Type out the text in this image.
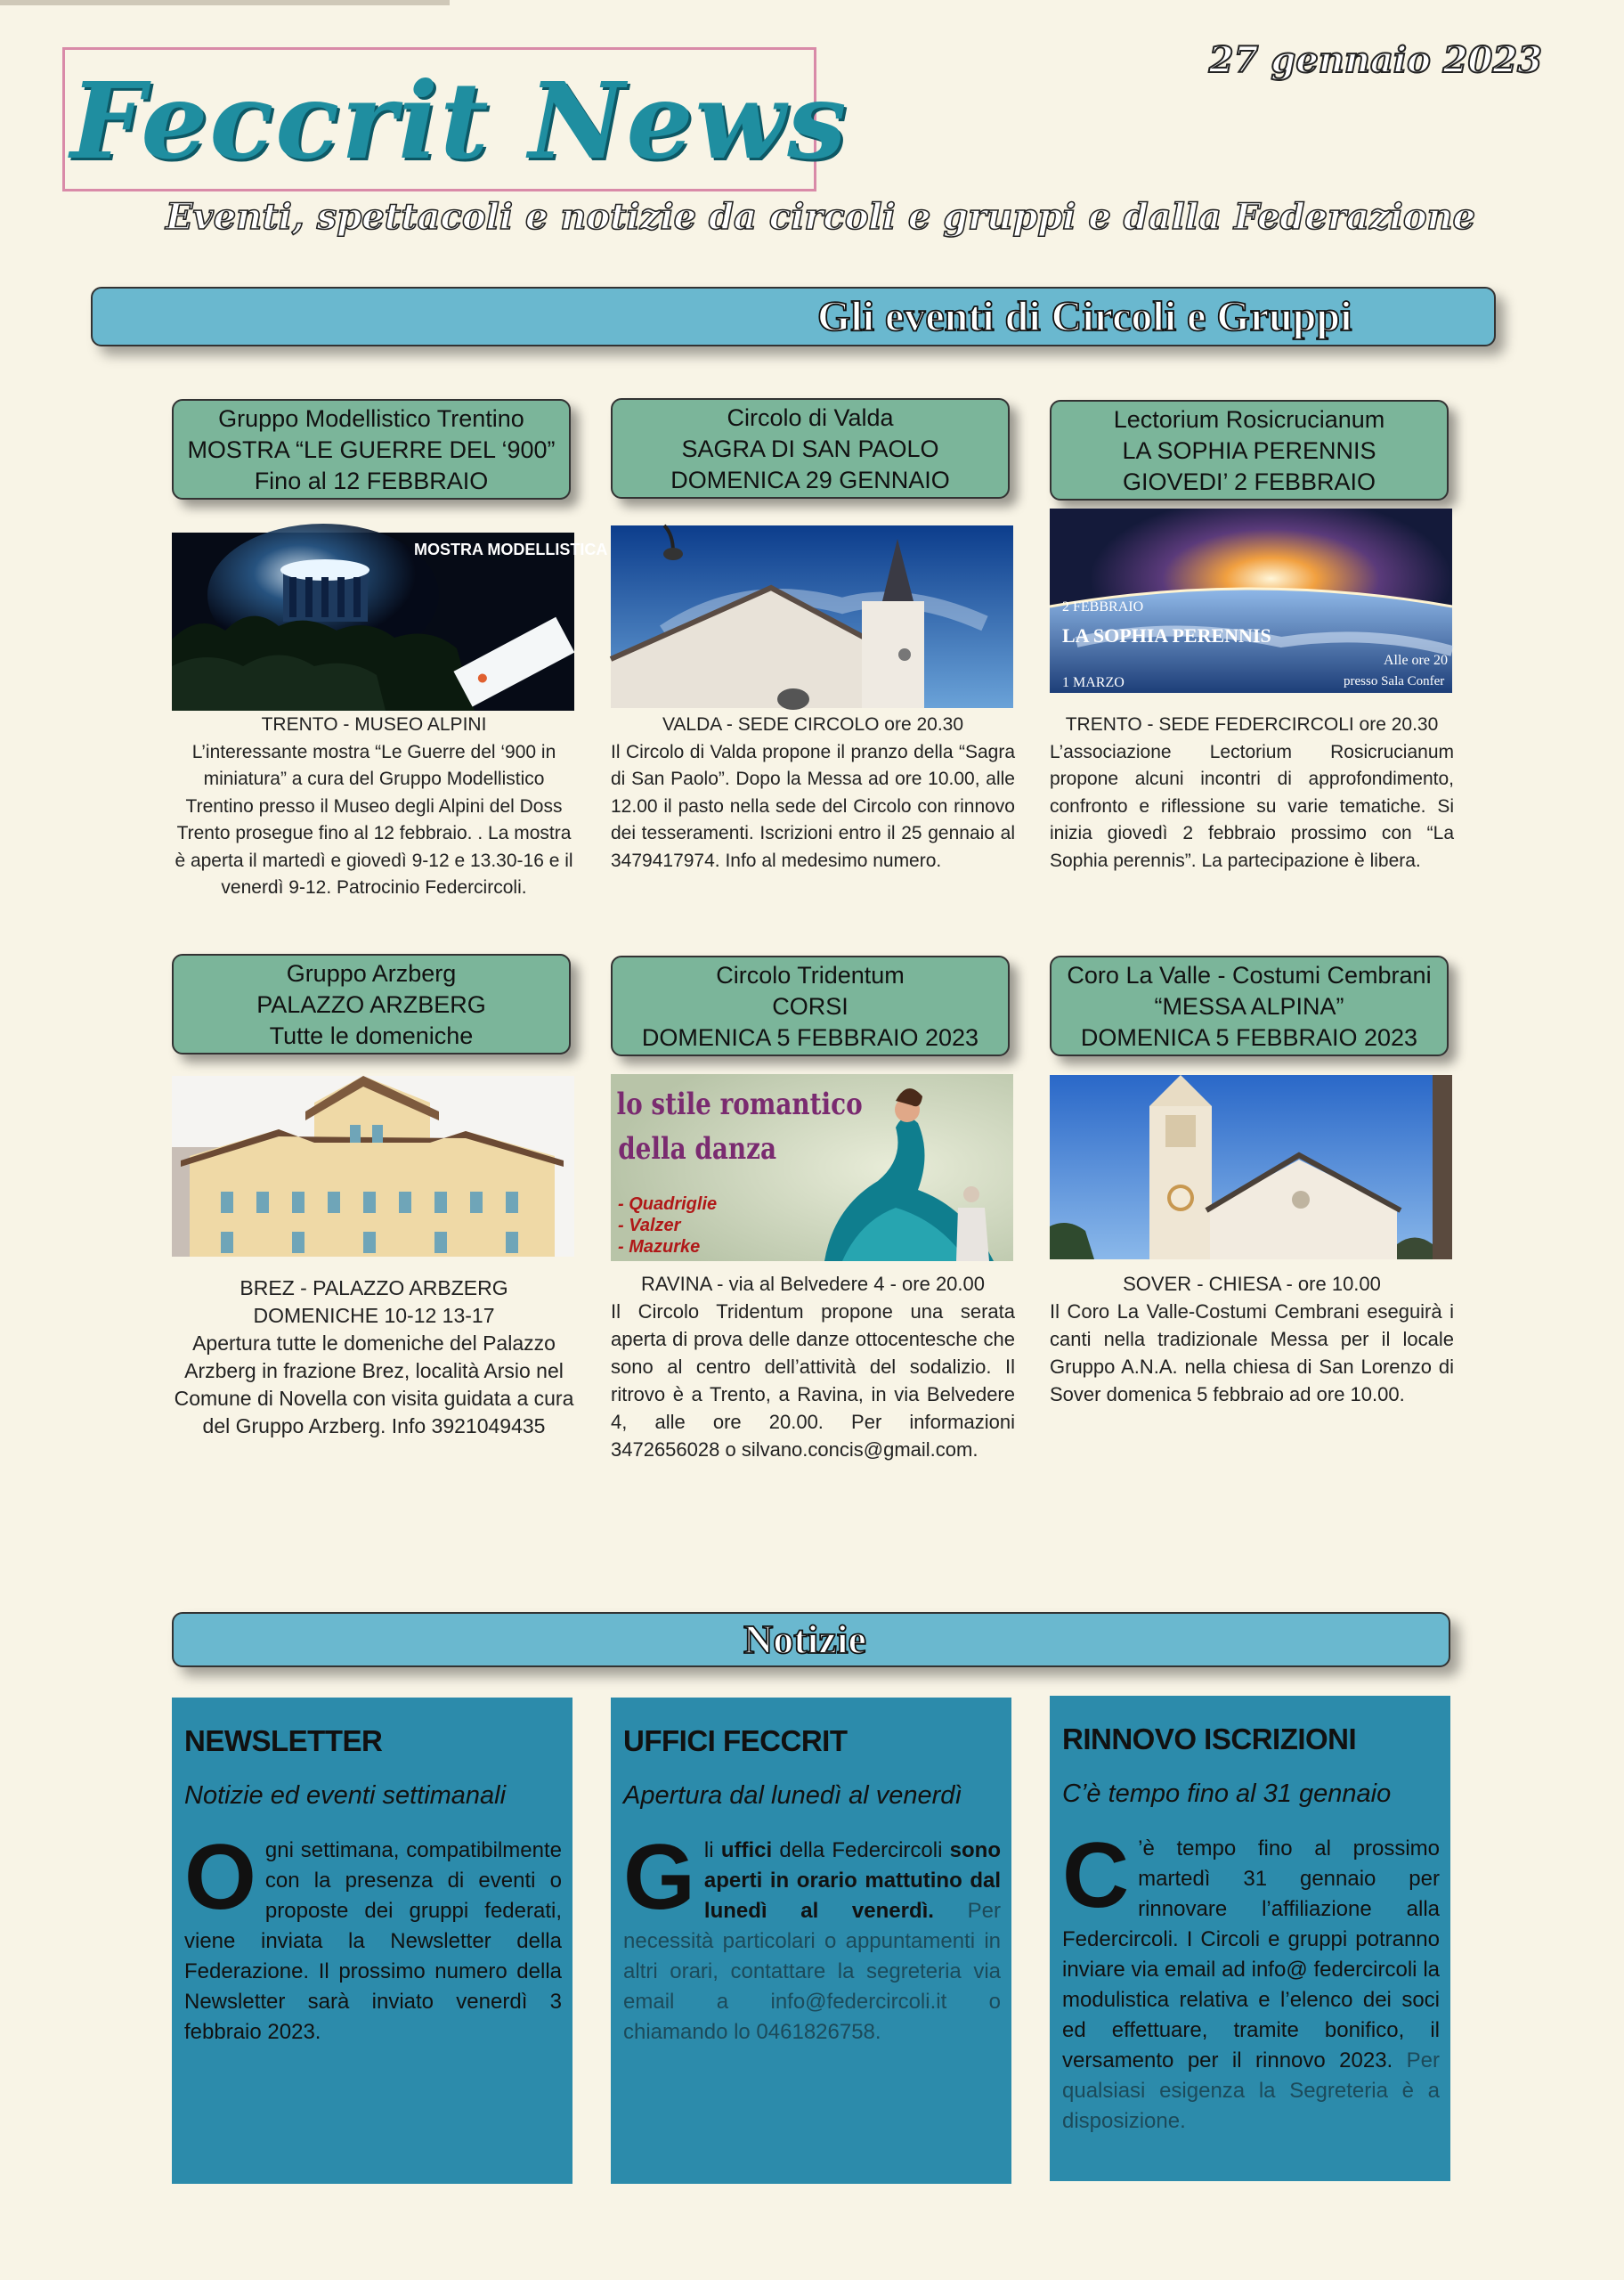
Feccrit News	27 gennaio 2023
Eventi, spettacoli e notizie da circoli e gruppi e dalla Federazione
Gli eventi di Circoli e Gruppi
Gruppo Modellistico Trentino
MOSTRA “LE GUERRE DEL ‘900”
Fino al 12 FEBBRAIO
MOSTRA MODELLISTICA
TRENTO - MUSEO ALPINI
L’interessante mostra “Le Guerre del ‘900 in miniatura” a cura del Gruppo Modellistico Trentino presso il Museo degli Alpini del Doss Trento prosegue fino al 12 febbraio. . La mostra è aperta il martedì e giovedì 9-12 e 13.30-16 e il venerdì 9-12. Patrocinio Federcircoli.
Circolo di Valda
SAGRA DI SAN PAOLO
DOMENICA 29 GENNAIO
VALDA - SEDE CIRCOLO ore 20.30
Il Circolo di Valda propone il pranzo della “Sagra di San Paolo”. Dopo la Messa ad ore 10.00, alle 12.00 il pasto nella sede del Circolo con rinnovo dei tesseramenti. Iscrizioni entro il 25 gennaio al 3479417974. Info al medesimo numero.
Lectorium Rosicrucianum
LA SOPHIA PERENNIS
GIOVEDI’ 2 FEBBRAIO
2 FEBBRAIO
LA SOPHIA PERENNIS
1 MARZO
Alle ore 20
presso Sala Confer
TRENTO - SEDE FEDERCIRCOLI ore 20.30
L’associazione Lectorium Rosicrucianum propone alcuni incontri di approfondimento, confronto e riflessione su varie tematiche. Si inizia giovedì 2 febbraio prossimo con “La Sophia perennis”. La partecipazione è libera.
Gruppo Arzberg
PALAZZO ARZBERG
Tutte le domeniche
BREZ - PALAZZO ARBZERG
DOMENICHE 10-12 13-17
Apertura tutte le domeniche del Palazzo Arzberg in frazione Brez, località Arsio nel Comune di Novella con visita guidata a cura del Gruppo Arzberg. Info 3921049435
Circolo Tridentum
CORSI
DOMENICA 5 FEBBRAIO 2023
lo stile romantico
della danza
- Quadriglie
- Valzer
- Mazurke
RAVINA - via al Belvedere 4 - ore 20.00
Il Circolo Tridentum propone una serata aperta di prova delle danze ottocentesche che sono al centro dell’attività del sodalizio. Il ritrovo è a Trento, a Ravina, in via Belvedere 4, alle ore 20.00. Per informazioni 3472656028 o silvano.concis@gmail.com.
Coro La Valle - Costumi Cembrani
“MESSA ALPINA”
DOMENICA 5 FEBBRAIO 2023
SOVER - CHIESA - ore 10.00
Il Coro La Valle-Costumi Cembrani eseguirà i canti nella tradizionale Messa per il locale Gruppo A.N.A. nella chiesa di San Lorenzo di Sover domenica 5 febbraio ad ore 10.00.
Notizie
NEWSLETTER
Notizie ed eventi settimanali
Ogni settimana, compatibilmente con la presenza di eventi o proposte dei gruppi federati, viene inviata la Newsletter della Federazione. Il prossimo numero della Newsletter sarà inviato venerdì 3 febbraio 2023.
UFFICI FECCRIT
Apertura dal lunedì al venerdì
Gli uffici della Federcircoli sono aperti in orario mattutino dal lunedì al venerdì. Per necessità particolari o appuntamenti in altri orari, contattare la segreteria via email a info@federcircoli.it o chiamando lo 0461826758.
RINNOVO ISCRIZIONI
C’è tempo fino al 31 gennaio
C ’è tempo fino al prossimo martedì 31 gennaio per rinnovare l’affiliazione alla Federcircoli. I Circoli e gruppi potranno inviare via email ad info@ federcircoli la modulistica relativa e l’elenco dei soci ed effettuare, tramite bonifico, il versamento per il rinnovo 2023. Per qualsiasi esigenza la Segreteria è a disposizione.
